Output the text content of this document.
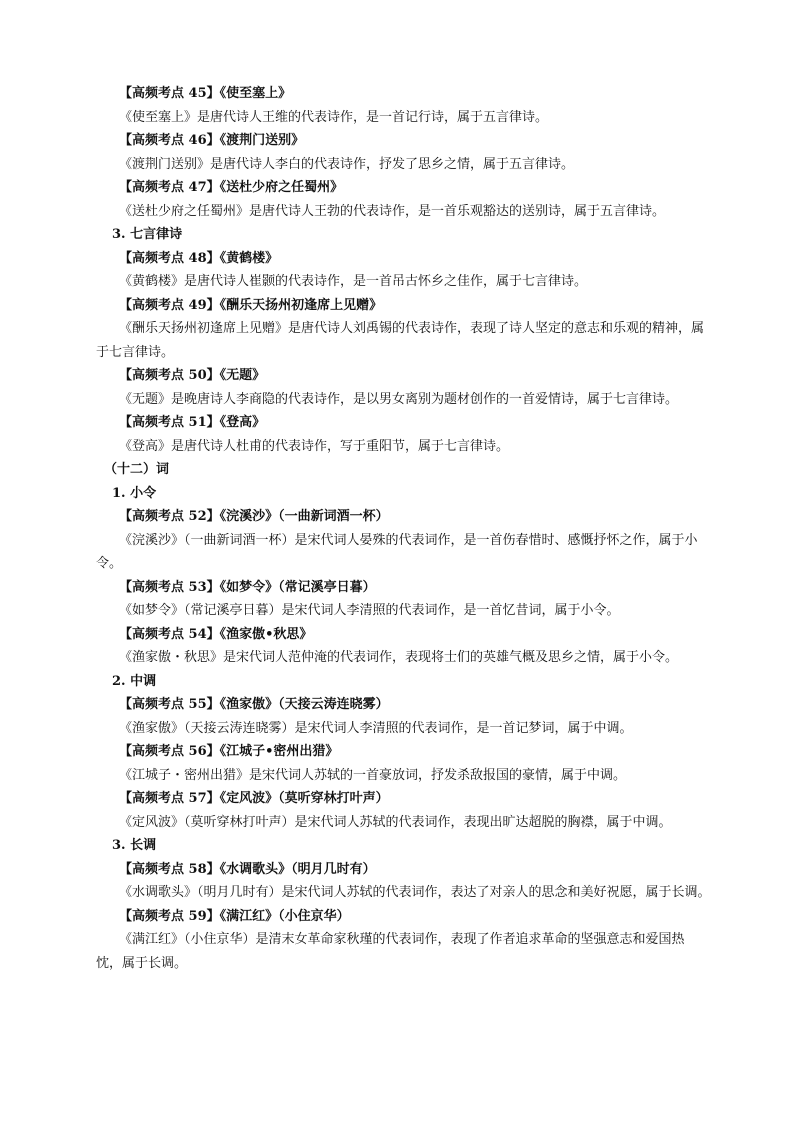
【高频考点 45】《使至塞上》
《使至塞上》是唐代诗人王维的代表诗作，是一首记行诗，属于五言律诗。
【高频考点 46】《渡荆门送别》
《渡荆门送别》是唐代诗人李白的代表诗作，抒发了思乡之情，属于五言律诗。
【高频考点 47】《送杜少府之任蜀州》
《送杜少府之任蜀州》是唐代诗人王勃的代表诗作，是一首乐观豁达的送别诗，属于五言律诗。
3. 七言律诗
【高频考点 48】《黄鹤楼》
《黄鹤楼》是唐代诗人崔颢的代表诗作，是一首吊古怀乡之佳作，属于七言律诗。
【高频考点 49】《酬乐天扬州初逢席上见赠》
《酬乐天扬州初逢席上见赠》是唐代诗人刘禹锡的代表诗作，表现了诗人坚定的意志和乐观的精神，属于七言律诗。
【高频考点 50】《无题》
《无题》是晚唐诗人李商隐的代表诗作，是以男女离别为题材创作的一首爱情诗，属于七言律诗。
【高频考点 51】《登高》
《登高》是唐代诗人杜甫的代表诗作，写于重阳节，属于七言律诗。
（十二）词
1. 小令
【高频考点 52】《浣溪沙》（一曲新词酒一杯）
《浣溪沙》（一曲新词酒一杯）是宋代词人晏殊的代表词作，是一首伤春惜时、感慨抒怀之作，属于小令。
【高频考点 53】《如梦令》（常记溪亭日暮）
《如梦令》（常记溪亭日暮）是宋代词人李清照的代表词作，是一首忆昔词，属于小令。
【高频考点 54】《渔家傲•秋思》
《渔家傲・秋思》是宋代词人范仲淹的代表词作，表现将士们的英雄气概及思乡之情，属于小令。
2. 中调
【高频考点 55】《渔家傲》（天接云涛连晓雾）
《渔家傲》（天接云涛连晓雾）是宋代词人李清照的代表词作，是一首记梦词，属于中调。
【高频考点 56】《江城子•密州出猎》
《江城子・密州出猎》是宋代词人苏轼的一首豪放词，抒发杀敌报国的豪情，属于中调。
【高频考点 57】《定风波》（莫听穿林打叶声）
《定风波》（莫听穿林打叶声）是宋代词人苏轼的代表词作，表现出旷达超脱的胸襟，属于中调。
3. 长调
【高频考点 58】《水调歌头》（明月几时有）
《水调歌头》（明月几时有）是宋代词人苏轼的代表词作，表达了对亲人的思念和美好祝愿，属于长调。
【高频考点 59】《满江红》（小住京华）
《满江红》（小住京华）是清末女革命家秋瑾的代表词作，表现了作者追求革命的坚强意志和爱国热忱，属于长调。
